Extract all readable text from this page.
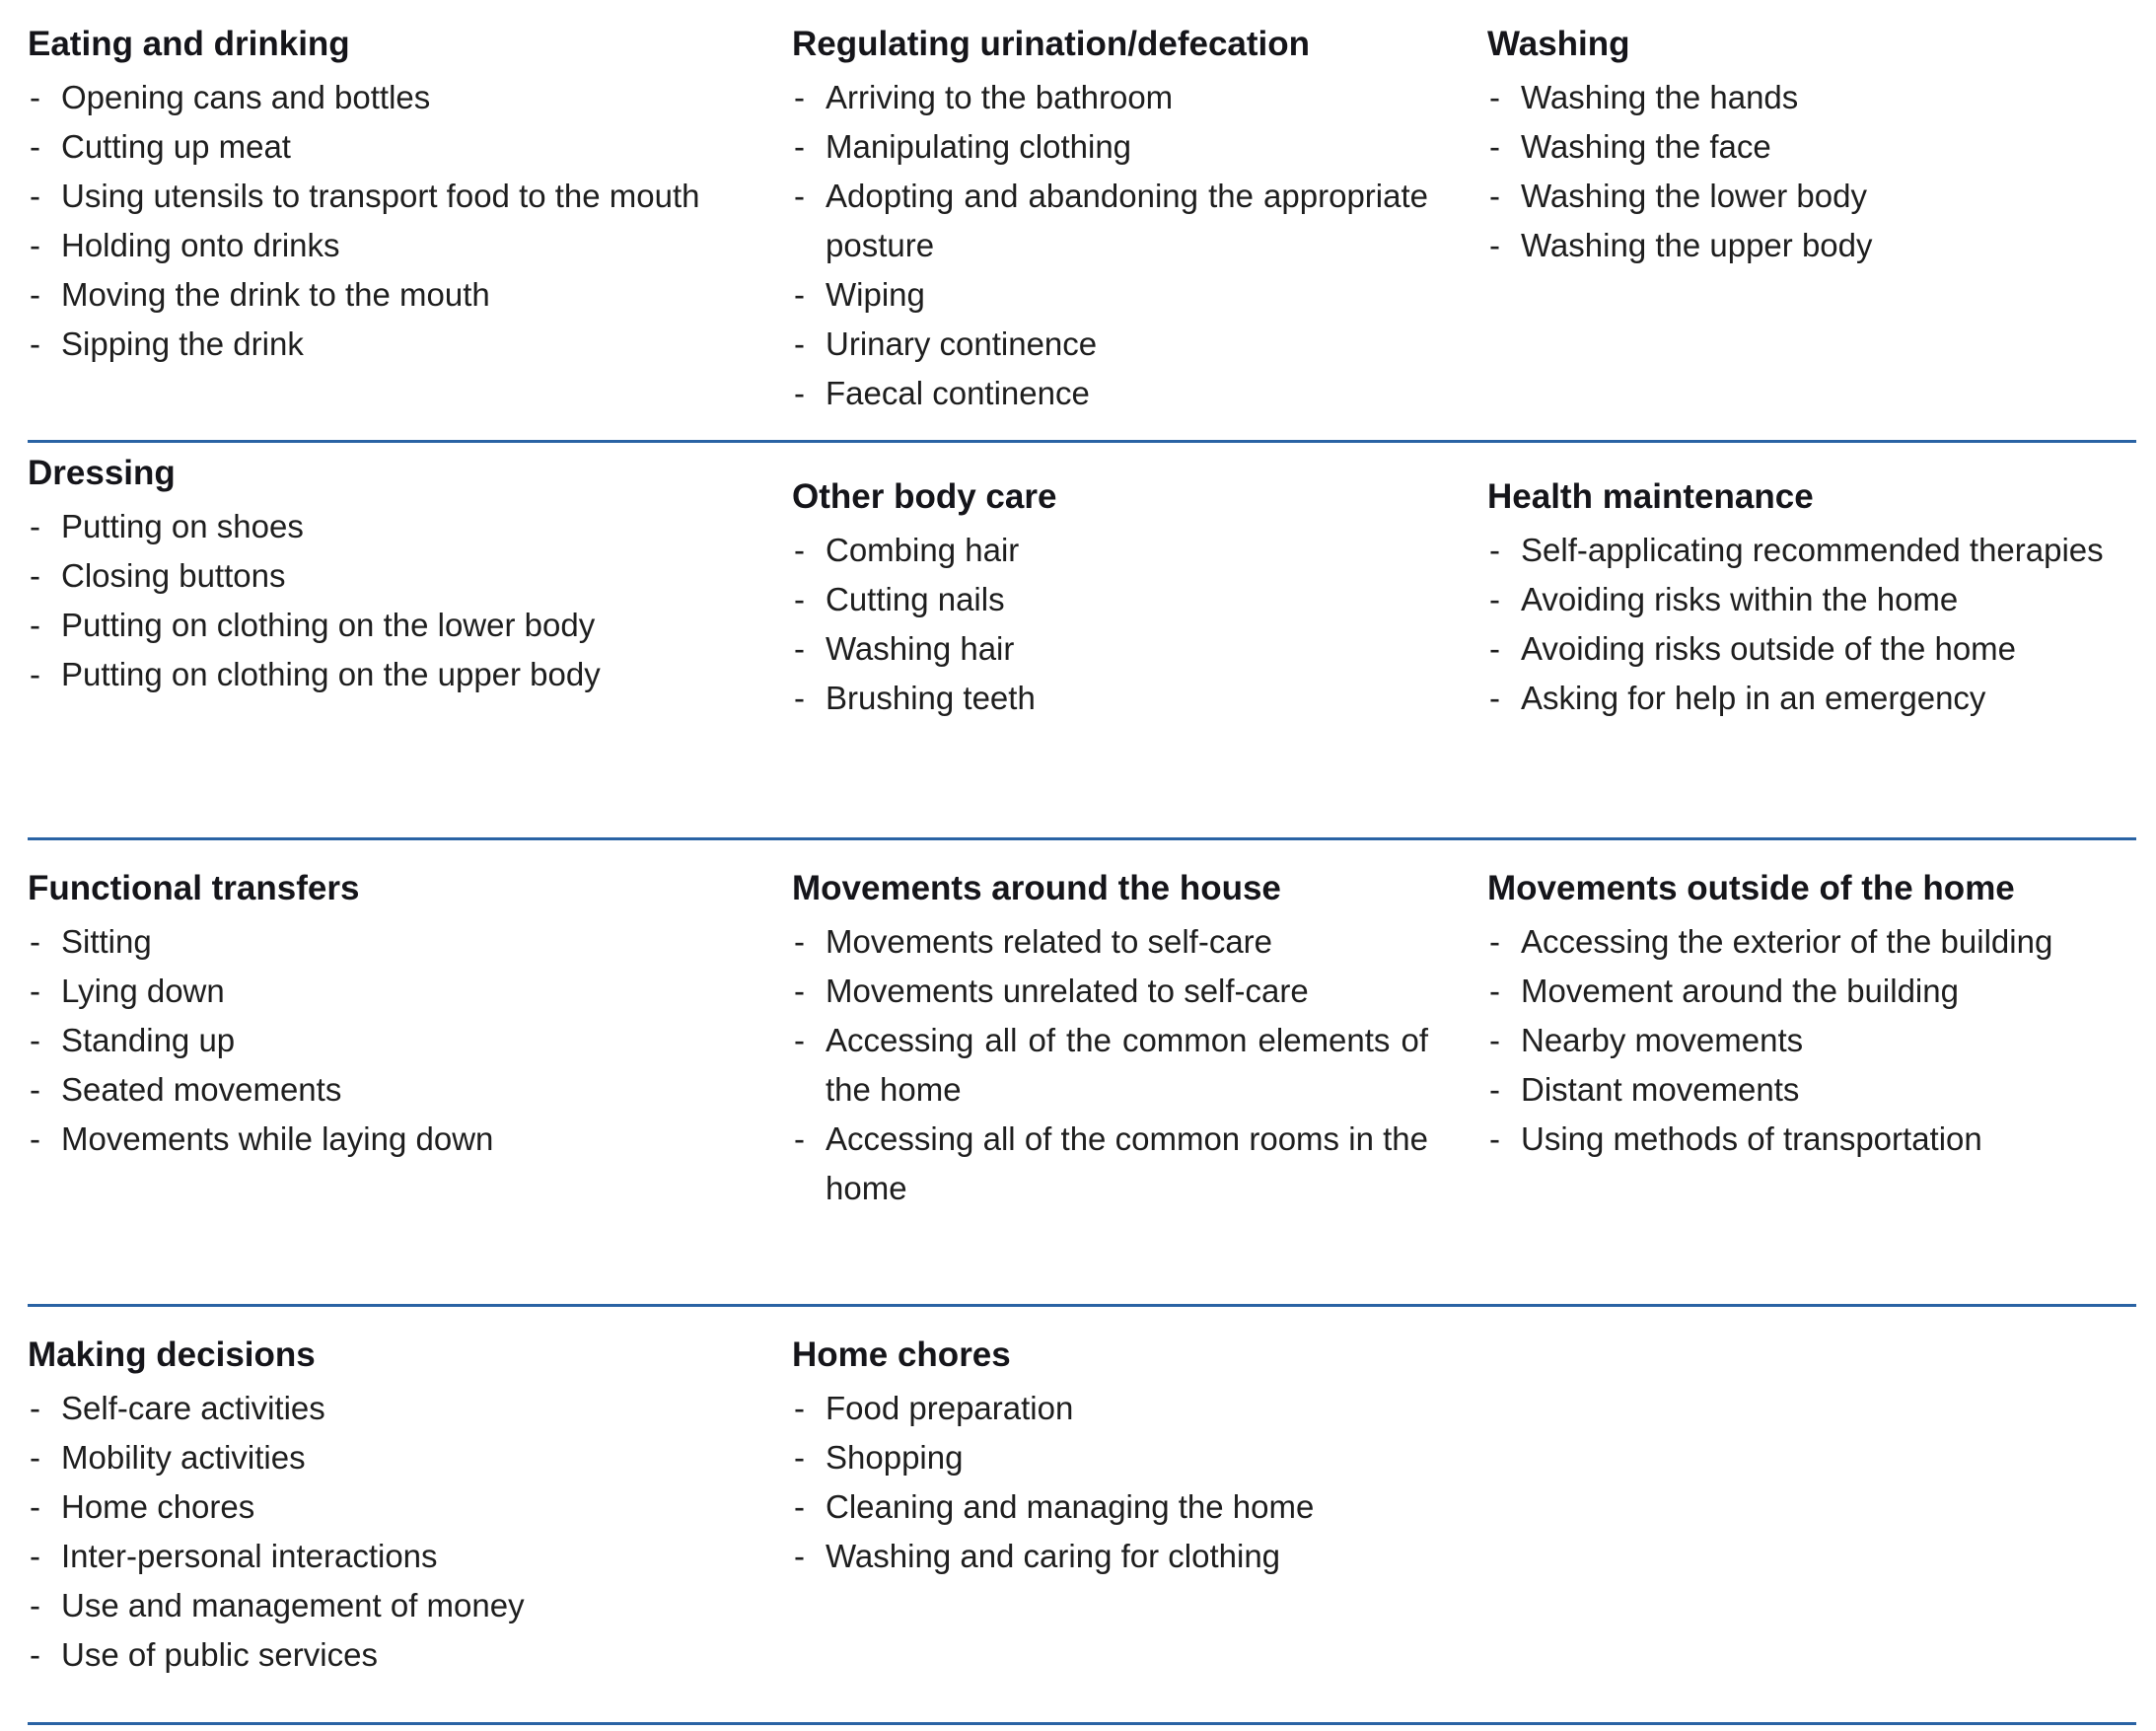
Eating and drinking
- Opening cans and bottles
- Cutting up meat
- Using utensils to transport food to the mouth
- Holding onto drinks
- Moving the drink to the mouth
- Sipping the drink
Regulating urination/defecation
- Arriving to the bathroom
- Manipulating clothing
- Adopting and abandoning the appropriate posture
- Wiping
- Urinary continence
- Faecal continence
Washing
- Washing the hands
- Washing the face
- Washing the lower body
- Washing the upper body
Dressing
- Putting on shoes
- Closing buttons
- Putting on clothing on the lower body
- Putting on clothing on the upper body
Other body care
- Combing hair
- Cutting nails
- Washing hair
- Brushing teeth
Health maintenance
- Self-applicating recommended therapies
- Avoiding risks within the home
- Avoiding risks outside of the home
- Asking for help in an emergency
Functional transfers
- Sitting
- Lying down
- Standing up
- Seated movements
- Movements while laying down
Movements around the house
- Movements related to self-care
- Movements unrelated to self-care
- Accessing all of the common elements of the home
- Accessing all of the common rooms in the home
Movements outside of the home
- Accessing the exterior of the building
- Movement around the building
- Nearby movements
- Distant movements
- Using methods of transportation
Making decisions
- Self-care activities
- Mobility activities
- Home chores
- Inter-personal interactions
- Use and management of money
- Use of public services
Home chores
- Food preparation
- Shopping
- Cleaning and managing the home
- Washing and caring for clothing
